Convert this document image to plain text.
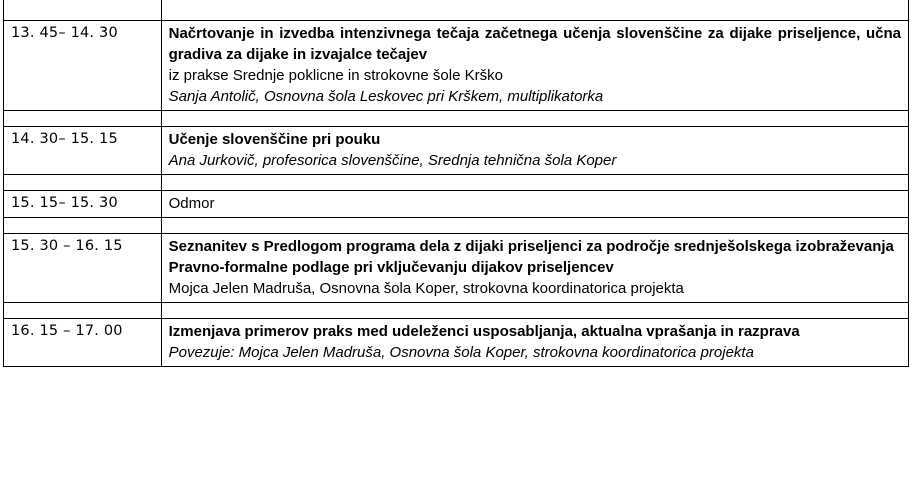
13. 45– 14. 30	Načrtovanje in izvedba intenzivnega tečaja začetnega učenja slovenščine za dijake priseljence, učna gradiva za dijake in izvajalce tečajev
iz prakse Srednje poklicne in strokovne šole Krško
Sanja Antolič, Osnovna šola Leskovec pri Krškem, multiplikatorka

14. 30– 15. 15	Učenje slovenščine pri pouku
Ana Jurkovič, profesorica slovenščine, Srednja tehnična šola Koper

15. 15– 15. 30	Odmor

15. 30 – 16. 15	Seznanitev s Predlogom programa dela z dijaki priseljenci za področje srednješolskega izobraževanja
Pravno-formalne podlage pri vključevanju dijakov priseljencev
Mojca Jelen Madruša, Osnovna šola Koper, strokovna koordinatorica projekta

16. 15 – 17. 00	Izmenjava primerov praks med udeleženci usposabljanja, aktualna vprašanja in razprava
Povezuje: Mojca Jelen Madruša, Osnovna šola Koper, strokovna koordinatorica projekta
